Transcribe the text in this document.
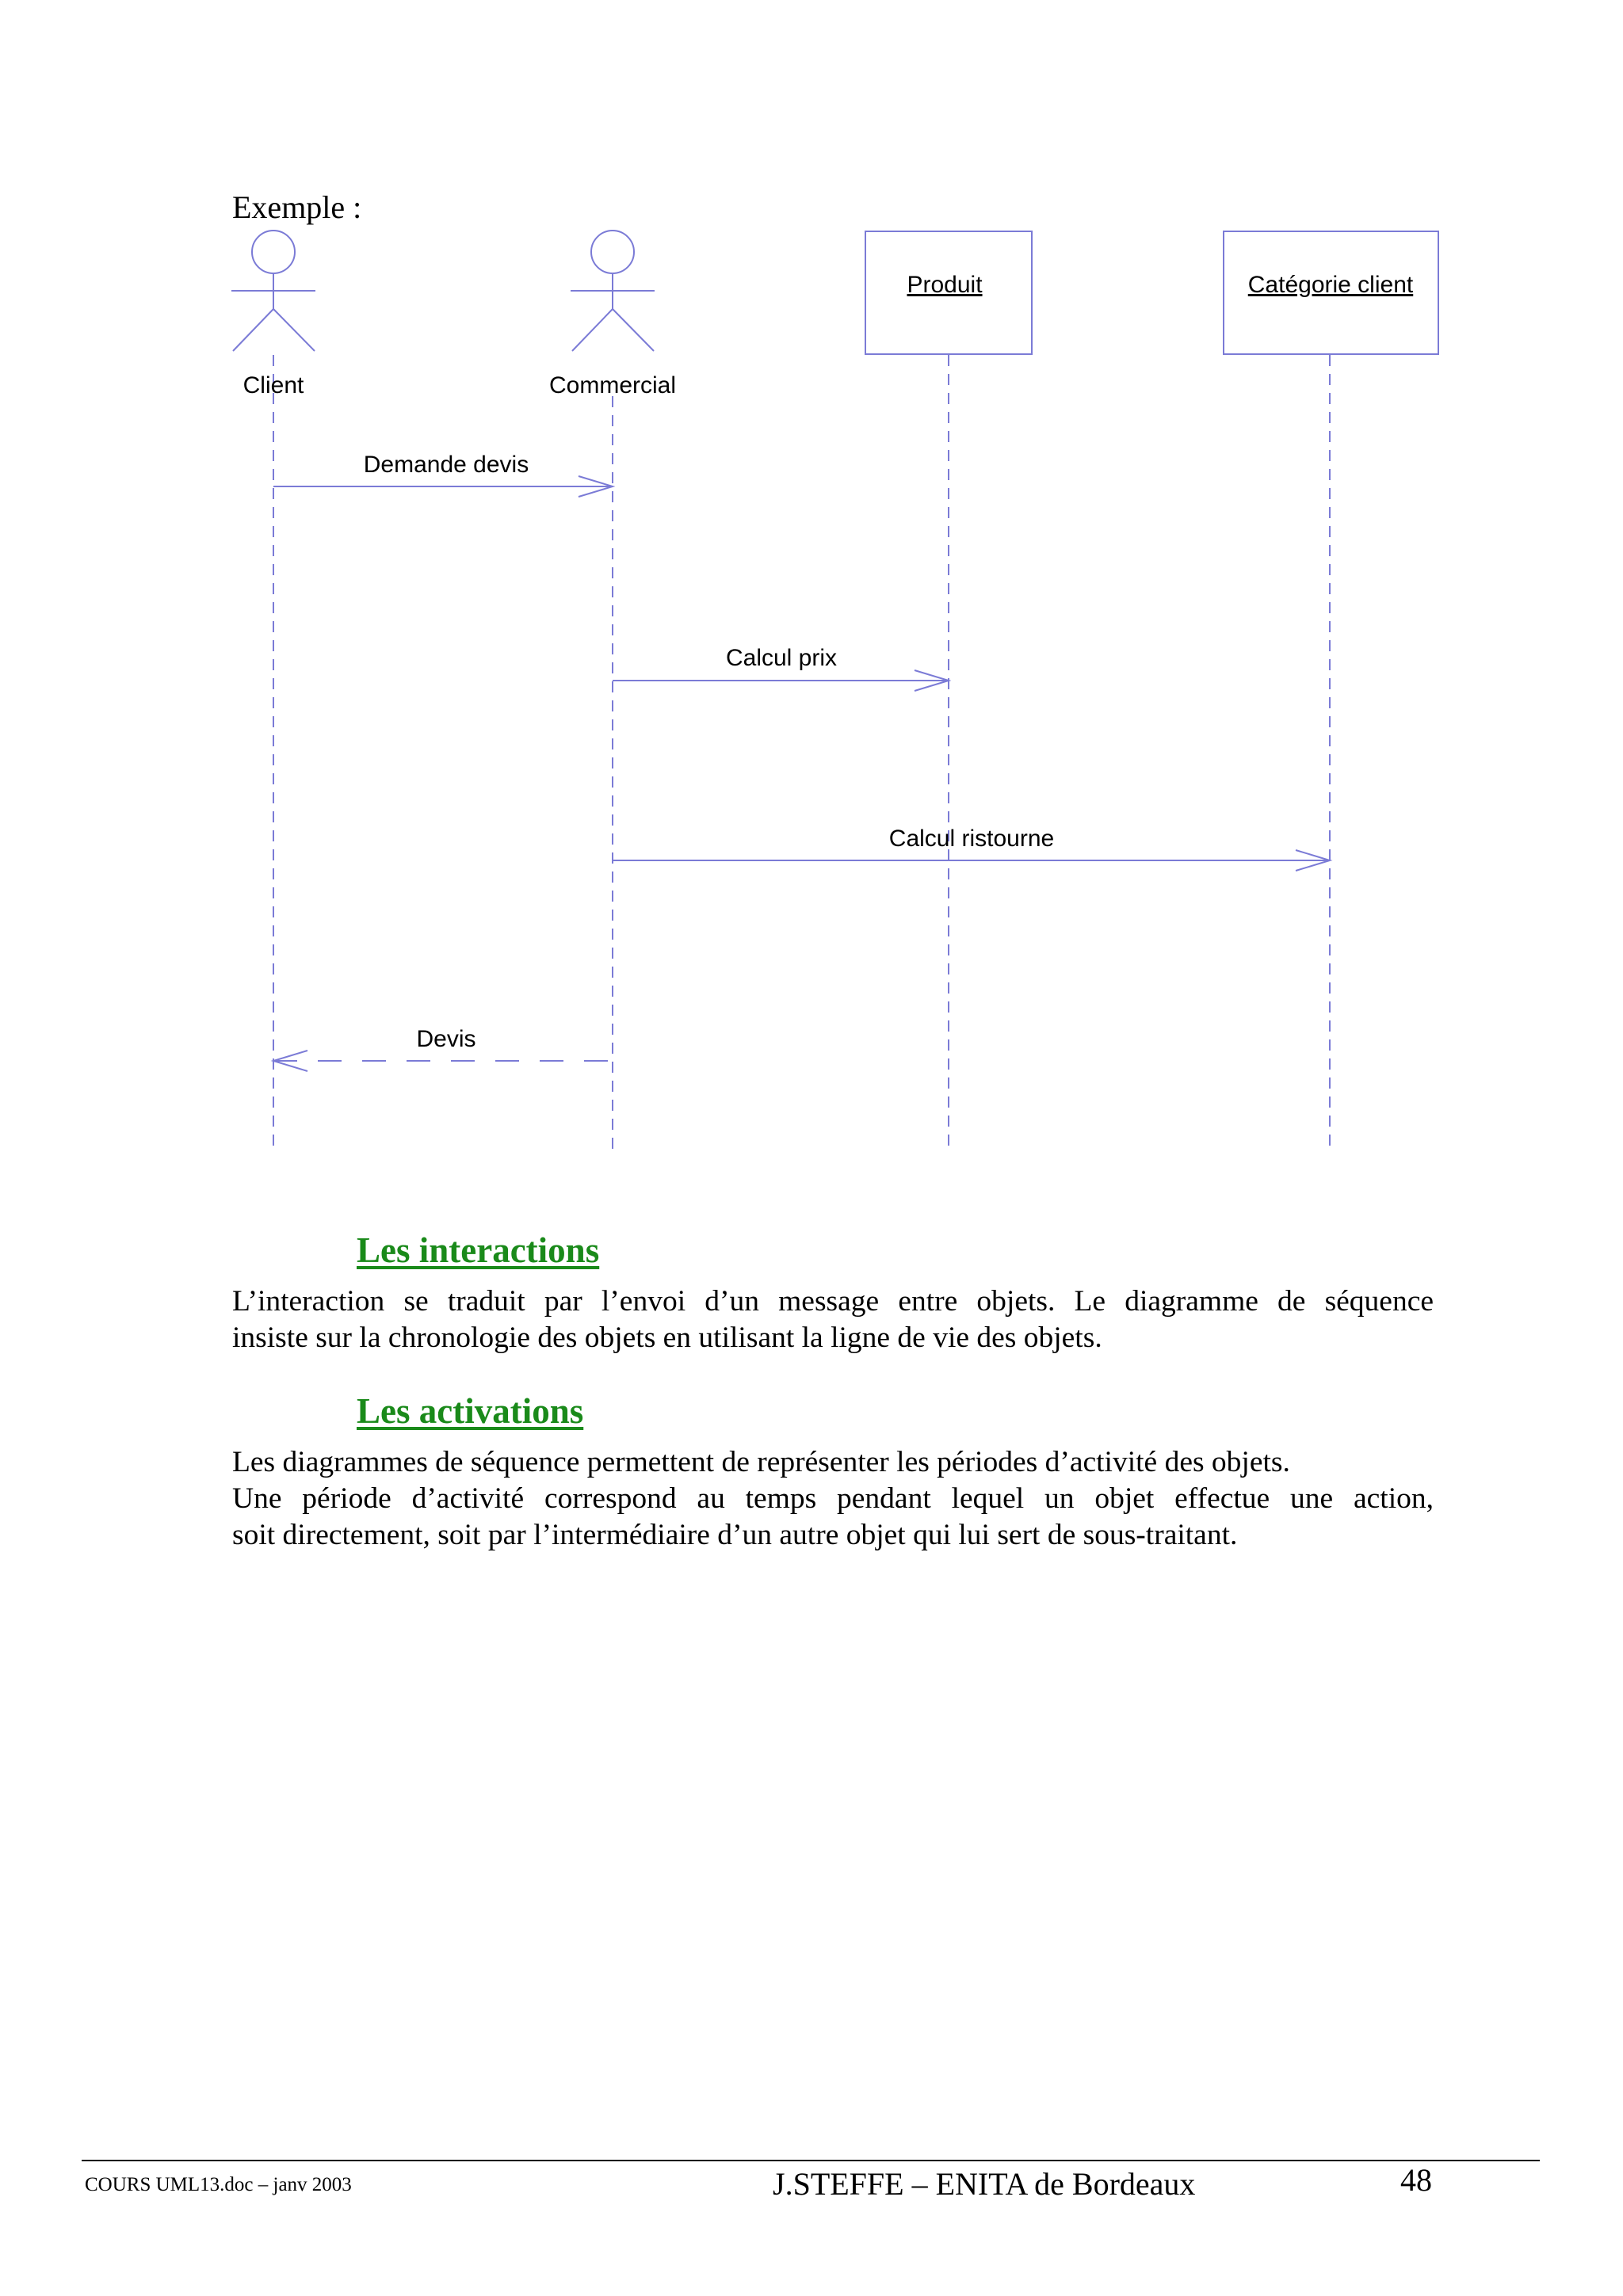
Exemple :
Client	Commercial
Produit	Catégorie client
Demande devis
Calcul prix
Calcul ristourne
Devis
Les interactions
L’interaction se traduit par l’envoi d’un message entre objets. Le diagramme de séquence
insiste sur la chronologie des objets en utilisant la ligne de vie des objets.
Les activations
Les diagrammes de séquence permettent de représenter les périodes d’activité des objets.
Une période d’activité correspond au temps pendant lequel un objet effectue une action,
soit directement, soit par l’intermédiaire d’un autre objet qui lui sert de sous-traitant.
COURS UML13.doc – janv 2003	J.STEFFE – ENITA de Bordeaux	48
